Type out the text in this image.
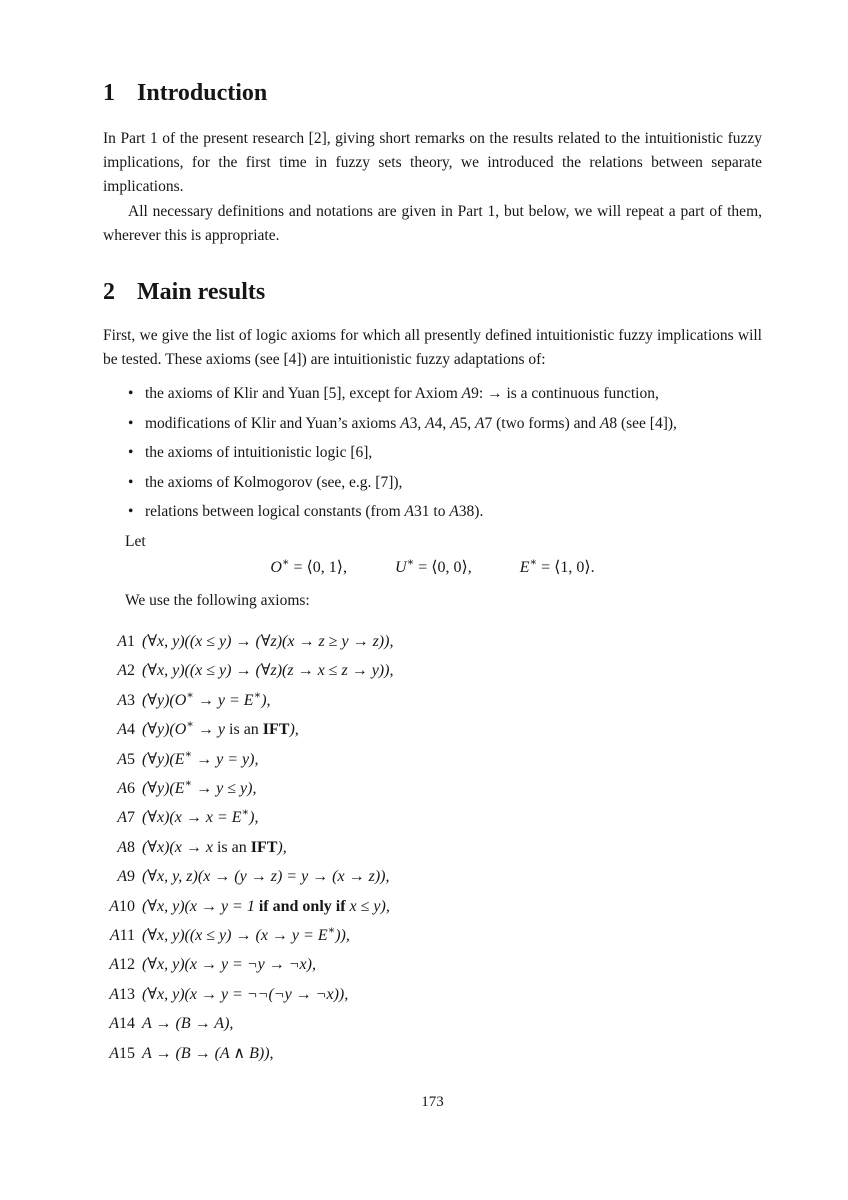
1 Introduction

In Part 1 of the present research [2], giving short remarks on the results related to the intuitionistic fuzzy implications, for the first time in fuzzy sets theory, we introduced the relations between separate implications.

All necessary definitions and notations are given in Part 1, but below, we will repeat a part of them, wherever this is appropriate.

2 Main results

First, we give the list of logic axioms for which all presently defined intuitionistic fuzzy implications will be tested. These axioms (see [4]) are intuitionistic fuzzy adaptations of:

• the axioms of Klir and Yuan [5], except for Axiom A9: → is a continuous function,
• modifications of Klir and Yuan’s axioms A3, A4, A5, A7 (two forms) and A8 (see [4]),
• the axioms of intuitionistic logic [6],
• the axioms of Kolmogorov (see, e.g. [7]),
• relations between logical constants (from A31 to A38).

Let

O∗ = ⟨0, 1⟩,	U∗ = ⟨0, 0⟩,	E∗ = ⟨1, 0⟩.

We use the following axioms:

A1 (∀x, y)((x ≤ y) → (∀z)(x → z ≥ y → z)),
A2 (∀x, y)((x ≤ y) → (∀z)(z → x ≤ z → y)),
A3 (∀y)(O∗ → y = E∗),
A4 (∀y)(O∗ → y is an IFT),
A5 (∀y)(E∗ → y = y),
A6 (∀y)(E∗ → y ≤ y),
A7 (∀x)(x → x = E∗),
A8 (∀x)(x → x is an IFT),
A9 (∀x, y, z)(x → (y → z) = y → (x → z)),
A10 (∀x, y)(x → y = 1 if and only if x ≤ y),
A11 (∀x, y)((x ≤ y) → (x → y = E∗)),
A12 (∀x, y)(x → y = ¬y → ¬x),
A13 (∀x, y)(x → y = ¬¬(¬y → ¬x)),
A14 A → (B → A),
A15 A → (B → (A ∧ B)),
173
